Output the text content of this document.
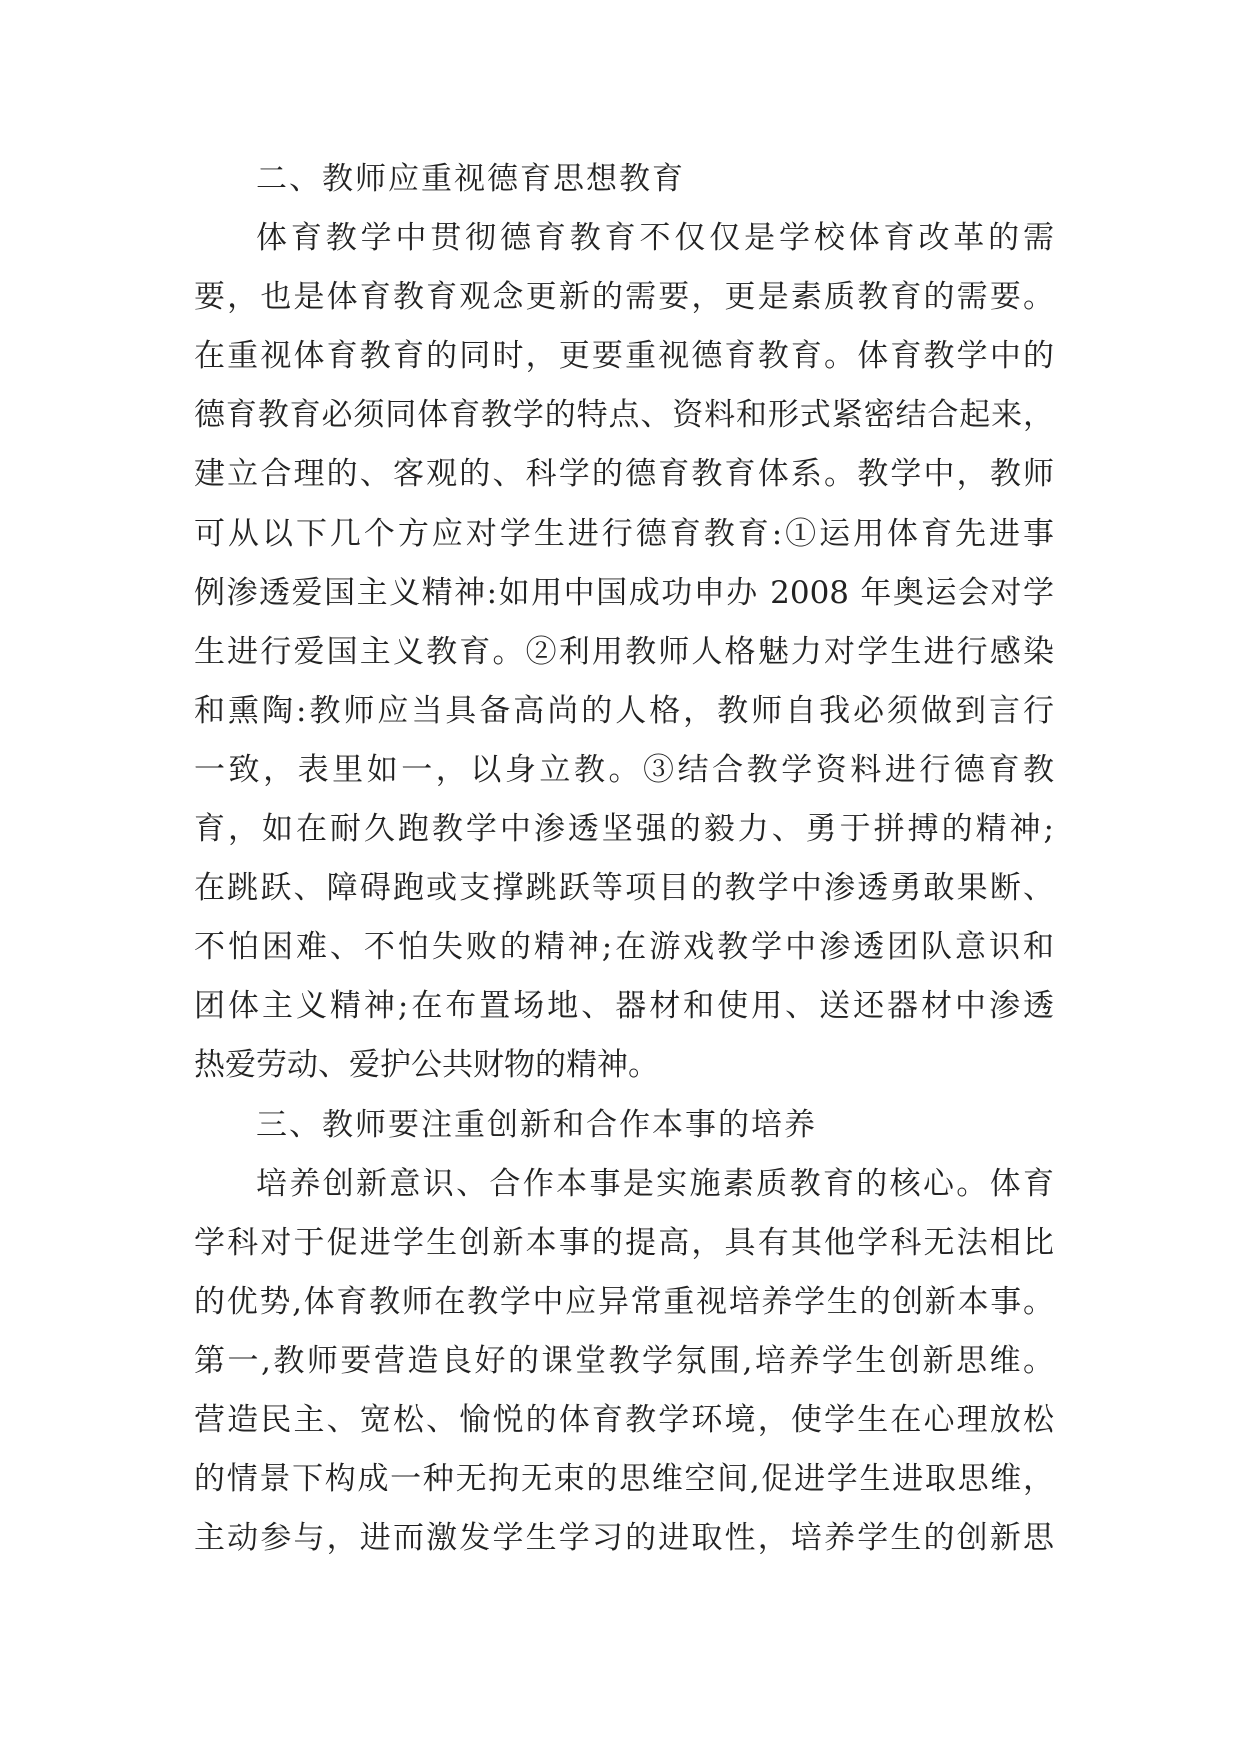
二、教师应重视德育思想教育
体育教学中贯彻德育教育不仅仅是学校体育改革的需
要，也是体育教育观念更新的需要，更是素质教育的需要。
在重视体育教育的同时，更要重视德育教育。体育教学中的
德育教育必须同体育教学的特点、资料和形式紧密结合起来，
建立合理的、客观的、科学的德育教育体系。教学中，教师
可从以下几个方应对学生进行德育教育:①运用体育先进事
例渗透爱国主义精神:如用中国成功申办 2008 年奥运会对学
生进行爱国主义教育。②利用教师人格魅力对学生进行感染
和熏陶:教师应当具备高尚的人格，教师自我必须做到言行
一致，表里如一，以身立教。③结合教学资料进行德育教
育，如在耐久跑教学中渗透坚强的毅力、勇于拼搏的精神;
在跳跃、障碍跑或支撑跳跃等项目的教学中渗透勇敢果断、
不怕困难、不怕失败的精神;在游戏教学中渗透团队意识和
团体主义精神;在布置场地、器材和使用、送还器材中渗透
热爱劳动、爱护公共财物的精神。
三、教师要注重创新和合作本事的培养
培养创新意识、合作本事是实施素质教育的核心。体育
学科对于促进学生创新本事的提高，具有其他学科无法相比
的优势,体育教师在教学中应异常重视培养学生的创新本事。
第一,教师要营造良好的课堂教学氛围,培养学生创新思维。
营造民主、宽松、愉悦的体育教学环境，使学生在心理放松
的情景下构成一种无拘无束的思维空间,促进学生进取思维，
主动参与，进而激发学生学习的进取性，培养学生的创新思
